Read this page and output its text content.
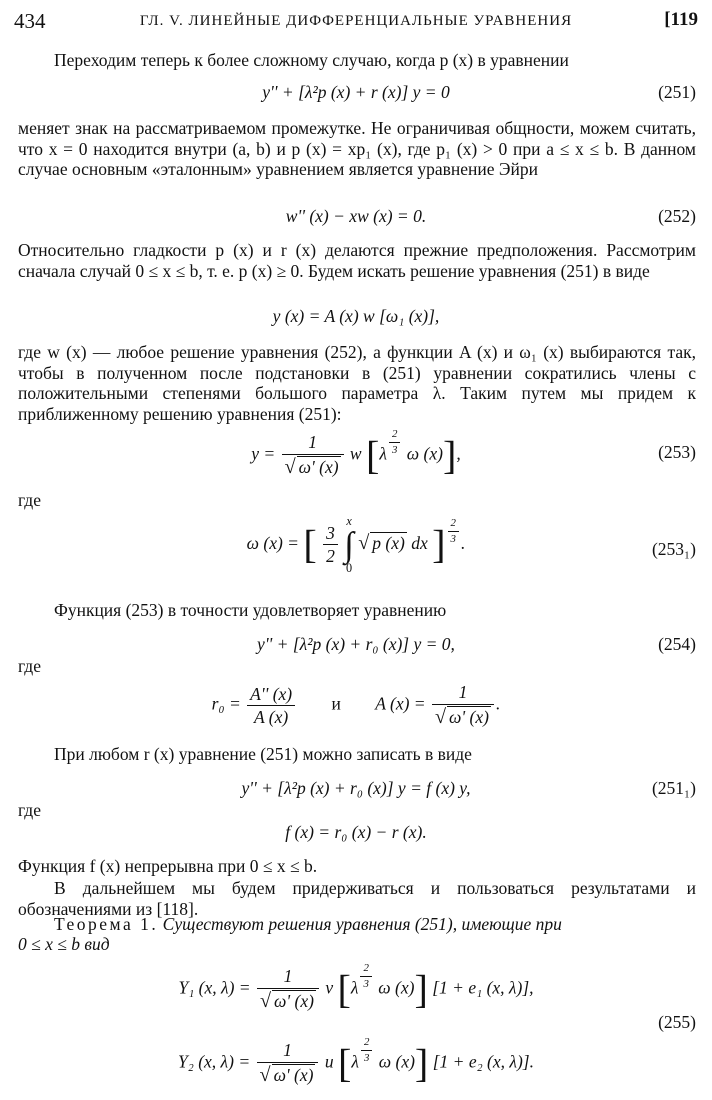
434	ГЛ. V. ЛИНЕЙНЫЕ ДИФФЕРЕНЦИАЛЬНЫЕ УРАВНЕНИЯ	[119
Переходим теперь к более сложному случаю, когда p (x) в уравнении
y'' + [λ²p (x) + r (x)] y = 0	(251)
меняет знак на рассматриваемом промежутке. Не ограничивая общности, можем считать, что x = 0 находится внутри (a, b) и p (x) = xp₁ (x), где p₁ (x) > 0 при a ≤ x ≤ b. В данном случае основным «эталонным» уравнением является уравнение Эйри
w'' (x) − xw (x) = 0.	(252)
Относительно гладкости p (x) и r (x) делаются прежние предположения. Рассмотрим сначала случай 0 ≤ x ≤ b, т. е. p (x) ≥ 0. Будем искать решение уравнения (251) в виде
y (x) = A (x) w [ω₁ (x)],
где w (x) — любое решение уравнения (252), а функции A (x) и ω₁ (x) выбираются так, чтобы в полученном после подстановки в (251) уравнении сократились члены с положительными степенями большого параметра λ. Таким путем мы придем к приближенному решению уравнения (251):
$y = \frac{1}{√ \omega' (x)}$ w [$\lambda \frac{2}{3}$ ω (x)],	(253)
где
ω (x) = [ $\frac{3}{2}$

x
∫
0
√ p (x) dx ] $\frac{2}{3}$ .	(253₁)
Функция (253) в точности удовлетворяет уравнению
y'' + [λ²p (x) + r₀ (x)] y = 0,	(254)
где
$r_0 = \frac{A'' (x)}{A (x)}$ и A $(x) = \frac{1}{√ \omega' (x)}$ .
При любом r (x) уравнение (251) можно записать в виде
y'' + [λ²p (x) + r₀ (x)] y = f (x) y,	(251₁)
где
f (x) = r₀ (x) − r (x).
Функция f (x) непрерывна при 0 ≤ x ≤ b.
В дальнейшем мы будем придерживаться и пользоваться результатами и обозначениями из [118].
Теорема 1. Существуют решения уравнения (251), имеющие при
0 ≤ x ≤ b вид
Y₁ (x, $\lambda) = \frac{1}{√ \omega' (x)}$ v [$\lambda \frac{2}{3}$ ω (x)] [1 + e₁ (x, λ)],
(255)
Y₂ (x, $\lambda) = \frac{1}{√ \omega' (x)}$ u [$\lambda \frac{2}{3}$ ω (x)] [1 + e₂ (x, λ)].
